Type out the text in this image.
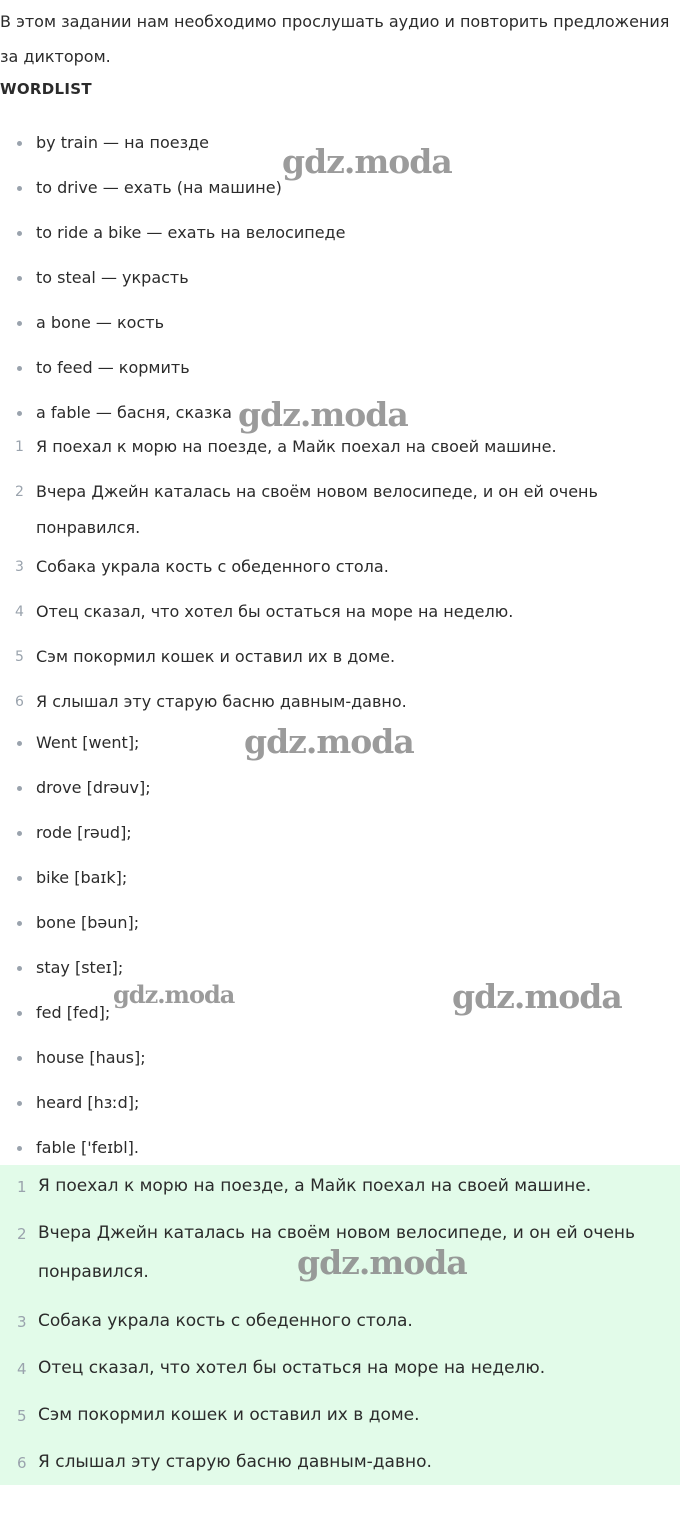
В этом задании нам необходимо прослушать аудио и повторить предложения за диктором.

WORDLIST

by train — на поезде
to drive — ехать (на машине)
to ride a bike — ехать на велосипеде
to steal — украсть
a bone — кость
to feed — кормить
a fable — басня, сказка
1 Я поехал к морю на поезде, а Майк поехал на своей машине.
2 Вчера Джейн каталась на своём новом велосипеде, и он ей очень понравился.
3 Собака украла кость с обеденного стола.
4 Отец сказал, что хотел бы остаться на море на неделю.
5 Сэм покормил кошек и оставил их в доме.
6 Я слышал эту старую басню давным-давно.
Went [went];
drove [drəuv];
rode [rəud];
bike [baɪk];
bone [bəun];
stay [steɪ];
fed [fed];
house [haus];
heard [hɜːd];
fable ['feɪbl].
1 Я поехал к морю на поезде, а Майк поехал на своей машине.
2 Вчера Джейн каталась на своём новом велосипеде, и он ей очень понравился.
3 Собака украла кость с обеденного стола.
4 Отец сказал, что хотел бы остаться на море на неделю.
5 Сэм покормил кошек и оставил их в доме.
6 Я слышал эту старую басню давным-давно.
gdz.moda
gdz.moda
gdz.moda
gdz.moda	gdz.moda
gdz.moda
